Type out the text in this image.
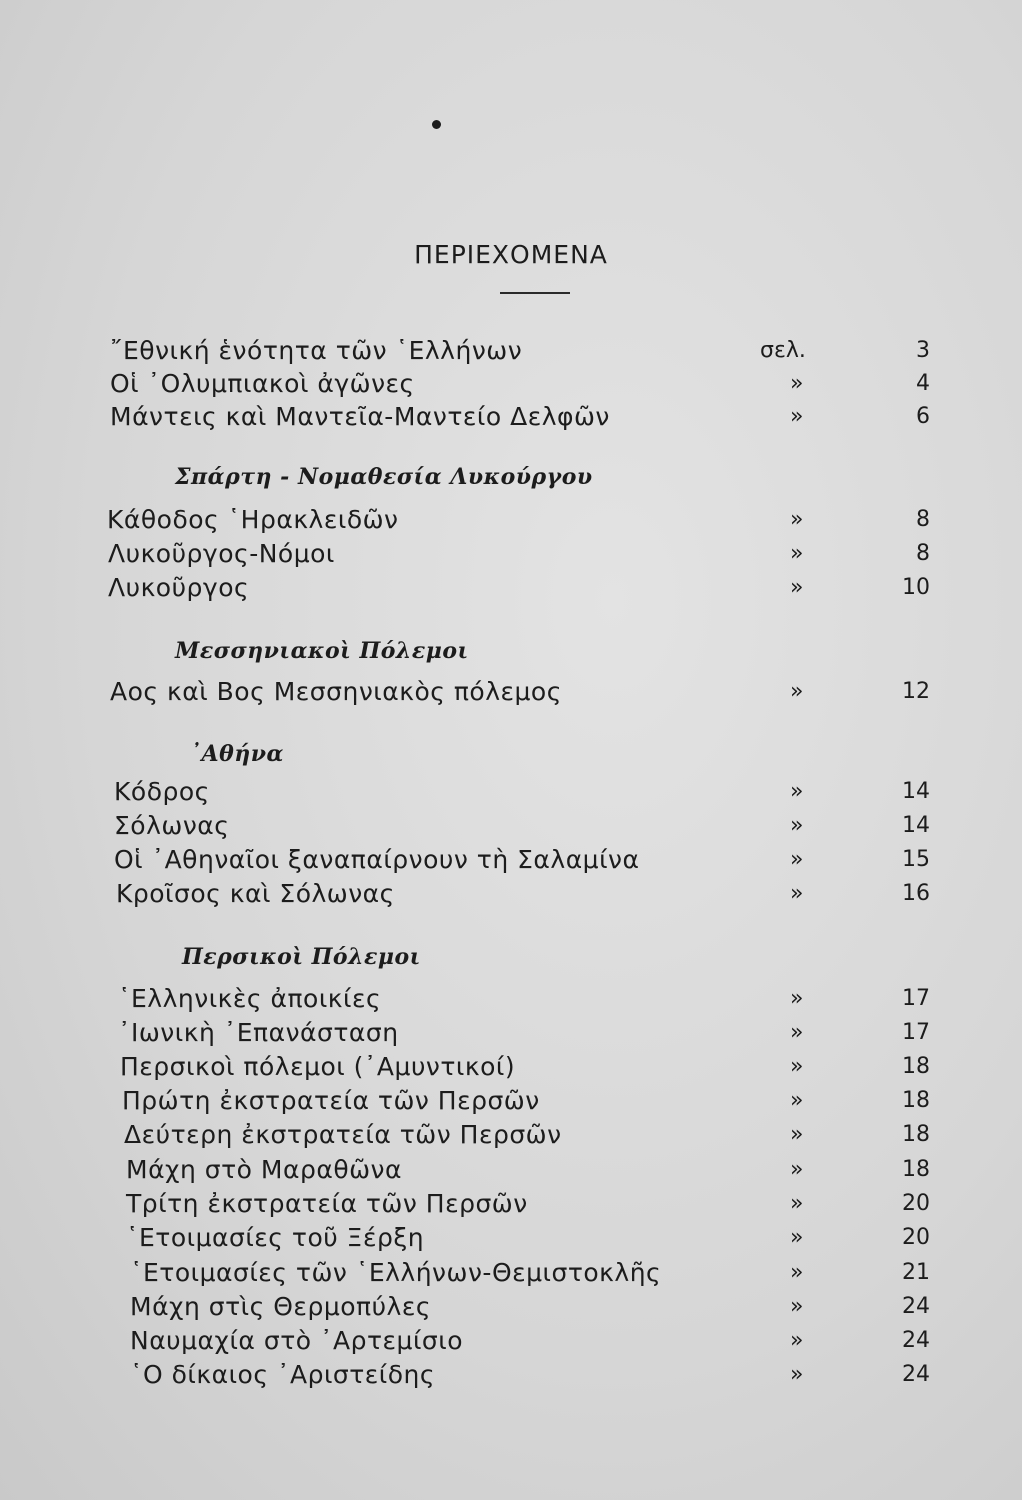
ΠΕΡΙΕΧΟΜΕΝΑ
῎Εθνική ἑνότητα τῶν ῾Ελλήνων	σελ.	3
Οἱ ᾽Ολυμπιακοὶ ἀγῶνες	»	4
Μάντεις καὶ Μαντεῖα-Μαντείο Δελφῶν	»	6
Σπάρτη - Νομαθεσία Λυκούργου
Κάθοδος ῾Ηρακλειδῶν	»	8
Λυκοῦργος-Νόμοι	»	8
Λυκοῦργος	»	10
Μεσσηνιακοὶ Πόλεμοι
Αος καὶ Βος Μεσσηνιακὸς πόλεμος	»	12
᾽Αθήνα
Κόδρος	»	14
Σόλωνας	»	14
Οἱ ᾽Αθηναῖοι ξαναπαίρνουν τὴ Σαλαμίνα	»	15
Κροῖσος καὶ Σόλωνας	»	16
Περσικοὶ Πόλεμοι
῾Ελληνικὲς ἀποικίες	»	17
᾽Ιωνικὴ ᾽Επανάσταση	»	17
Περσικοὶ πόλεμοι (᾽Αμυντικοί)	»	18
Πρώτη ἐκστρατεία τῶν Περσῶν	»	18
Δεύτερη ἐκστρατεία τῶν Περσῶν	»	18
Μάχη στὸ Μαραθῶνα	»	18
Τρίτη ἐκστρατεία τῶν Περσῶν	»	20
῾Ετοιμασίες τοῦ Ξέρξη	»	20
῾Ετοιμασίες τῶν ῾Ελλήνων-Θεμιστοκλῆς	»	21
Μάχη στὶς Θερμοπύλες	»	24
Ναυμαχία στὸ ᾽Αρτεμίσιο	»	24
῾Ο δίκαιος ᾽Αριστείδης	»	24
